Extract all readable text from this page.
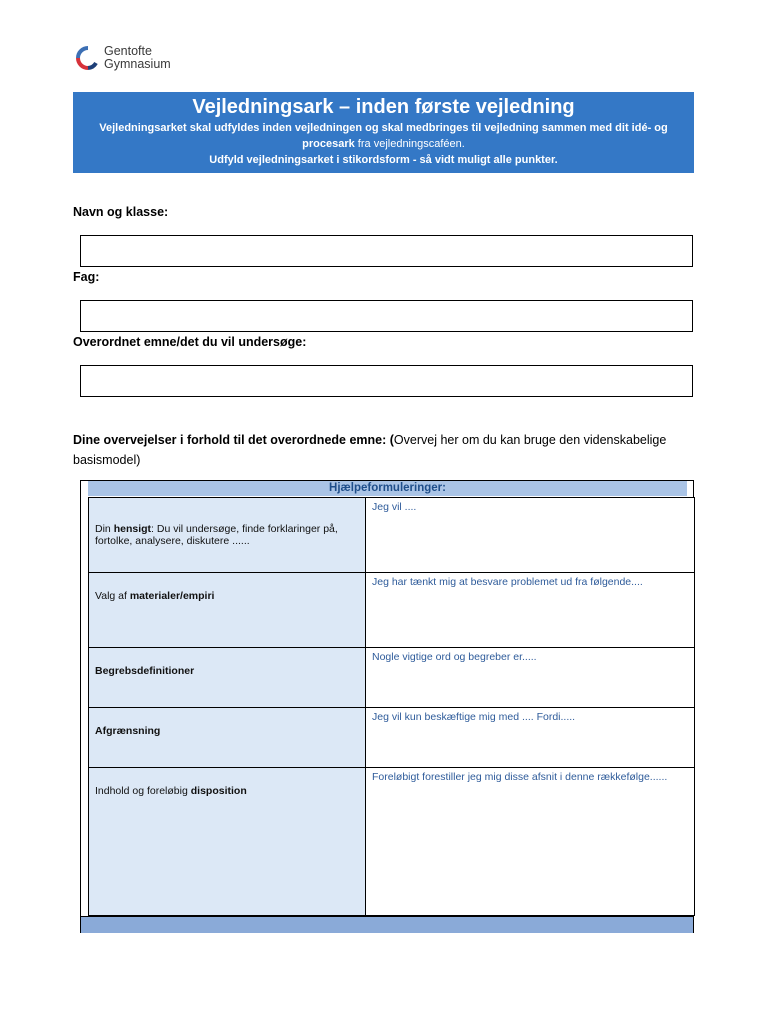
Gentofte
Gymnasium
Vejledningsark – inden første vejledning
Vejledningsarket skal udfyldes inden vejledningen og skal medbringes til vejledning sammen med dit idé- og
procesark fra vejledningscaféen.
Udfyld vejledningsarket i stikordsform - så vidt muligt alle punkter.
Navn og klasse:
Fag:
Overordnet emne/det du vil undersøge:
Dine overvejelser i forhold til det overordnede emne: (Overvej her om du kan bruge den videnskabelige basismodel)
Hjælpeformuleringer:
Din hensigt: Du vil undersøge, finde forklaringer på, fortolke, analysere, diskutere ......	Jeg vil ....

Valg af materialer/empiri	Jeg har tænkt mig at besvare problemet ud fra følgende....

Begrebsdefinitioner	Nogle vigtige ord og begreber er.....

Afgrænsning	Jeg vil kun beskæftige mig med .... Fordi.....

Indhold og foreløbig disposition	Foreløbigt forestiller jeg mig disse afsnit i denne rækkefølge......
